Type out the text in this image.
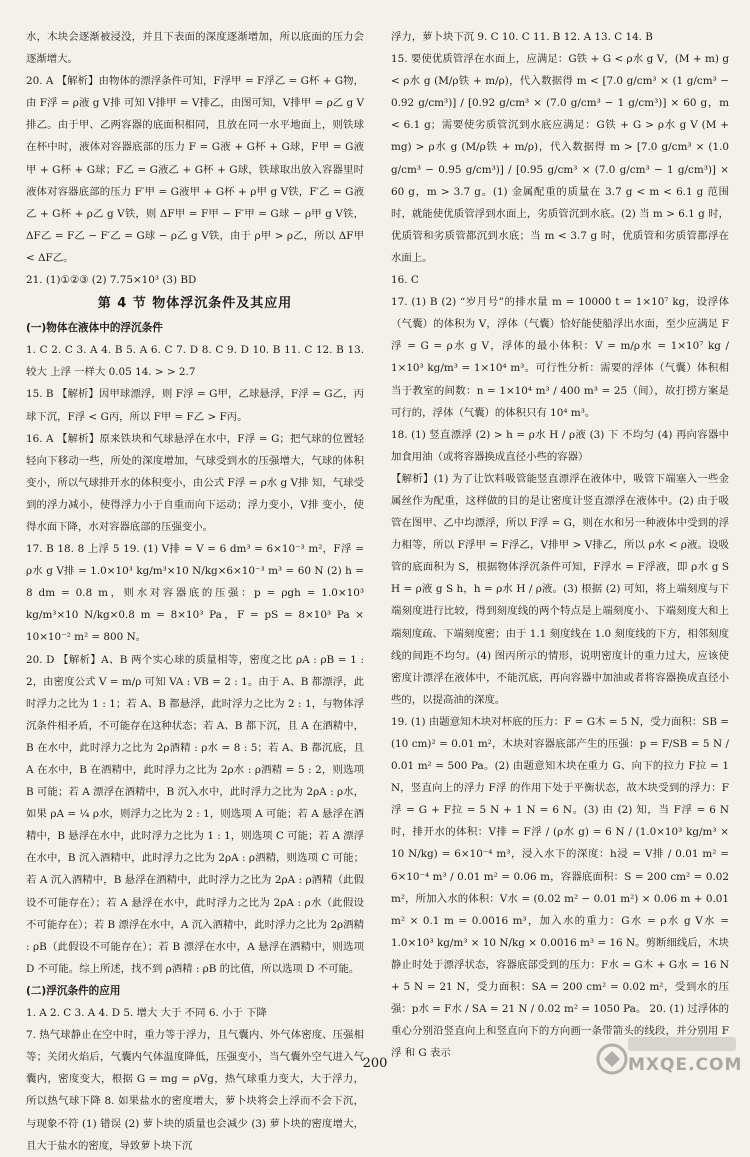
水，木块会逐渐被浸没，并且下表面的深度逐渐增加，所以底面的压力会逐渐增大。

20. A 【解析】由物体的漂浮条件可知，F浮甲 = F浮乙 = G杯 + G物，由 F浮 = ρ液 g V排 可知 V排甲 = V排乙，由图可知，V排甲 = ρ乙 g V排乙。由于甲、乙两容器的底面积相同，且放在同一水平地面上，则铁球在杯中时，液体对容器底部的压力 F = G液 + G杯 + G球，F甲 = G液甲 + G杯 + G球；F乙 = G液乙 + G杯 + G球，铁球取出放入容器里时液体对容器底部的压力 F′甲 = G液甲 + G杯 + ρ甲 g V铁，F′乙 = G液乙 + G杯 + ρ乙 g V铁，则 ΔF甲 = F甲 − F′甲 = G球 − ρ甲 g V铁，ΔF乙 = F乙 − F′乙 = G球 − ρ乙 g V铁，由于 ρ甲 > ρ乙，所以 ΔF甲 < ΔF乙。

21. (1)①②③ (2) 7.75×10³ (3) BD

第 4 节 物体浮沉条件及其应用
(一)物体在液体中的浮沉条件

1. C 2. C 3. A 4. B 5. A 6. C 7. D 8. C 9. D 10. B 11. C 12. B 13. 较大 上浮 一样大 0.05 14. > > 2.7

15. B 【解析】因甲球漂浮，则 F浮 = G甲，乙球悬浮，F浮 = G乙，丙球下沉，F浮 < G丙，所以 F甲 = F乙 > F丙。

16. A 【解析】原来铁块和气球悬浮在水中，F浮 = G；把气球的位置轻轻向下移动一些，所处的深度增加，气球受到水的压强增大，气球的体积变小，所以气球排开水的体积变小，由公式 F浮 = ρ水 g V排 知，气球受到的浮力减小，使得浮力小于自重而向下运动；浮力变小，V排 变小，使得水面下降，水对容器底部的压强变小。

17. B 18. 8 上浮 5 19. (1) V排 = V = 6 dm³ = 6×10⁻³ m²，F浮 = ρ水 g V排 = 1.0×10³ kg/m³×10 N/kg×6×10⁻³ m³ = 60 N (2) h = 8 dm = 0.8 m，则水对容器底的压强：p = ρgh = 1.0×10³ kg/m³×10 N/kg×0.8 m = 8×10³ Pa，F = pS = 8×10³ Pa × 10×10⁻² m² = 800 N。

20. D 【解析】A、B 两个实心球的质量相等，密度之比 ρA : ρB = 1 : 2，由密度公式 V = m/ρ 可知 VA : VB = 2 : 1。由于 A、B 都漂浮，此时浮力之比为 1 : 1；若 A、B 都悬浮，此时浮力之比为 2 : 1，与物体浮沉条件相矛盾，不可能存在这种状态；若 A、B 都下沉，且 A 在酒精中，B 在水中，此时浮力之比为 2ρ酒精 : ρ水 = 8 : 5；若 A、B 都沉底，且 A 在水中，B 在酒精中，此时浮力之比为 2ρ水 : ρ酒精 = 5 : 2，则选项 B 可能；若 A 漂浮在酒精中，B 沉入水中，此时浮力之比为 2ρA : ρ水，如果 ρA = ¼ ρ水，则浮力之比为 2 : 1，则选项 A 可能；若 A 悬浮在酒精中，B 悬浮在水中，此时浮力之比为 1 : 1，则选项 C 可能；若 A 漂浮在水中，B 沉入酒精中，此时浮力之比为 2ρA : ρ酒精，则选项 C 可能；若 A 沉入酒精中，B 悬浮在酒精中，此时浮力之比为 2ρA : ρ酒精（此假设不可能存在）；若 A 悬浮在水中，此时浮力之比为 2ρA : ρ水（此假设不可能存在）；若 B 漂浮在水中，A 沉入酒精中，此时浮力之比为 2ρ酒精 : ρB（此假设不可能存在）；若 B 漂浮在水中，A 悬浮在酒精中，则选项 D 不可能。综上所述，找不到 ρ酒精 : ρB 的比值，所以选项 D 不可能。

(二)浮沉条件的应用

1. A 2. C 3. A 4. D 5. 增大 大于 不同 6. 小于 下降

7. 热气球静止在空中时，重力等于浮力，且气囊内、外气体密度、压强相等；关闭火焰后，气囊内气体温度降低，压强变小，当气囊外空气进入气囊内，密度变大，根据 G = mg = ρVg，热气球重力变大，大于浮力，所以热气球下降 8. 如果盐水的密度增大，萝卜块将会上浮而不会下沉，与现象不符 (1) 错误 (2) 萝卜块的质量也会减少 (3) 萝卜块的密度增大，且大于盐水的密度，导致萝卜块下沉

浮力，萝卜块下沉 9. C 10. C 11. B 12. A 13. C 14. B

15. 要使优质管浮在水面上，应满足：G铁 + G < ρ水 g V，(M + m) g < ρ水 g (M/ρ铁 + m/ρ)，代入数据得 m < [7.0 g/cm³ × (1 g/cm³ − 0.92 g/cm³)] / [0.92 g/cm³ × (7.0 g/cm³ − 1 g/cm³)] × 60 g，m < 6.1 g；需要使劣质管沉到水底应满足：G铁 + G > ρ水 g V (M + mg) > ρ水 g (M/ρ铁 + m/ρ)，代入数据得 m > [7.0 g/cm³ × (1.0 g/cm³ − 0.95 g/cm³)] / [0.95 g/cm³ × (7.0 g/cm³ − 1 g/cm³)] × 60 g，m > 3.7 g。(1) 金属配重的质量在 3.7 g < m < 6.1 g 范围时，就能使优质管浮到水面上，劣质管沉到水底。(2) 当 m > 6.1 g 时，优质管和劣质管都沉到水底；当 m < 3.7 g 时，优质管和劣质管都浮在水面上。

16. C

17. (1) B (2) “岁月号”的排水量 m = 10000 t = 1×10⁷ kg，设浮体（气囊）的体积为 V，浮体（气囊）恰好能使船浮出水面，至少应满足 F浮 = G = ρ水 g V，浮体的最小体积：V = m/ρ水 = 1×10⁷ kg / 1×10³ kg/m³ = 1×10⁴ m³。可行性分析：需要的浮体（气囊）体积相当于教室的间数：n = 1×10⁴ m³ / 400 m³ = 25（间），故打捞方案是可行的，浮体（气囊）的体积只有 10⁴ m³。

18. (1) 竖直漂浮 (2) > h = ρ水 H / ρ液 (3) 下 不均匀 (4) 再向容器中加食用油（或将容器换成直径小些的容器）

【解析】(1) 为了让饮料吸管能竖直漂浮在液体中，吸管下端塞入一些金属丝作为配重，这样做的目的是让密度计竖直漂浮在液体中。(2) 由于吸管在图甲、乙中均漂浮，所以 F浮 = G，则在水和另一种液体中受到的浮力相等，所以 F浮甲 = F浮乙，V排甲 > V排乙，所以 ρ水 < ρ液。设吸管的底面积为 S，根据物体浮沉条件可知，F浮水 = F浮液，即 ρ水 g S H = ρ液 g S h，h = ρ水 H / ρ液。(3) 根据 (2) 可知，将上端刻度与下端刻度进行比较，得到刻度线的两个特点是上端刻度小、下端刻度大和上端刻度疏、下端刻度密；由于 1.1 刻度线在 1.0 刻度线的下方，相邻刻度线的间距不均匀。(4) 图丙所示的情形，说明密度计的重力过大，应该使密度计漂浮在液体中，不能沉底，再向容器中加油或者将容器换成直径小些的，以提高油的深度。

19. (1) 由题意知木块对杯底的压力：F = G木 = 5 N，受力面积：SB = (10 cm)² = 0.01 m²，木块对容器底部产生的压强：p = F/SB = 5 N / 0.01 m² = 500 Pa。(2) 由题意知木块在重力 G、向下的拉力 F拉 = 1 N，竖直向上的浮力 F浮 的作用下处于平衡状态，故木块受到的浮力：F浮 = G + F拉 = 5 N + 1 N = 6 N。(3) 由 (2) 知，当 F浮 = 6 N 时，排开水的体积：V排 = F浮 / (ρ水 g) = 6 N / (1.0×10³ kg/m³ × 10 N/kg) = 6×10⁻⁴ m³，浸入水下的深度：h浸 = V排 / 0.01 m² = 6×10⁻⁴ m³ / 0.01 m² = 0.06 m，容器底面积：S = 200 cm² = 0.02 m²，所加入水的体积：V水 = (0.02 m² − 0.01 m²) × 0.06 m + 0.01 m² × 0.1 m = 0.0016 m³，加入水的重力：G水 = ρ水 g V水 = 1.0×10³ kg/m³ × 10 N/kg × 0.0016 m³ = 16 N。剪断细线后，木块静止时处于漂浮状态，容器底部受到的压力：F水 = G木 + G水 = 16 N + 5 N = 21 N，受力面积：SA = 200 cm² = 0.02 m²，受到水的压强：p水 = F水 / SA = 21 N / 0.02 m² = 1050 Pa。 20. (1) 过浮体的重心分别沿竖直向上和竖直向下的方向画一条带箭头的线段，并分别用 F浮 和 G 表示

200	MXQE.COM
